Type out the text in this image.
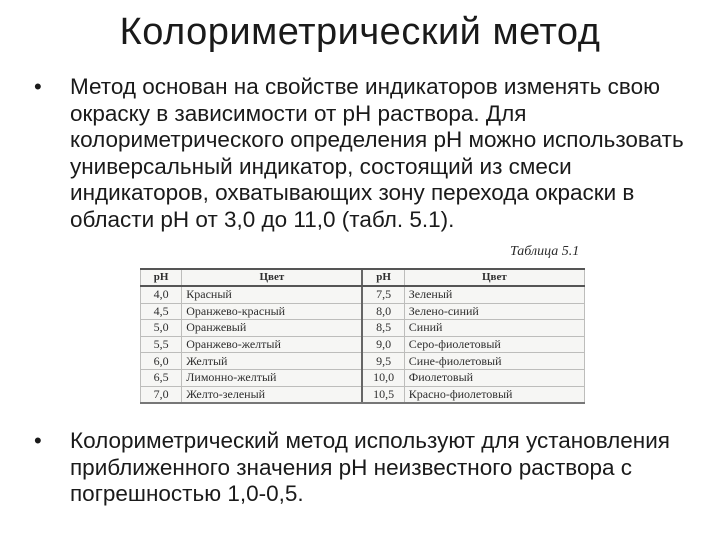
Колориметрический метод
•	Метод основан на свойстве индикаторов изменять свою окраску в зависимости от pH раствора. Для колориметрического определения pH можно использовать универсальный индикатор, состоящий из смеси индикаторов, охватывающих зону перехода окраски в области pH от 3,0 до 11,0 (табл. 5.1).
Таблица 5.1
pH	Цвет	pH	Цвет
4,0	Красный	7,5	Зеленый
4,5	Оранжево-красный	8,0	Зелено-синий
5,0	Оранжевый	8,5	Синий
5,5	Оранжево-желтый	9,0	Серо-фиолетовый
6,0	Желтый	9,5	Сине-фиолетовый
6,5	Лимонно-желтый	10,0	Фиолетовый
7,0	Желто-зеленый	10,5	Красно-фиолетовый
•	Колориметрический метод используют для установления приближенного значения pH неизвестного раствора с погрешностью 1,0-0,5.
